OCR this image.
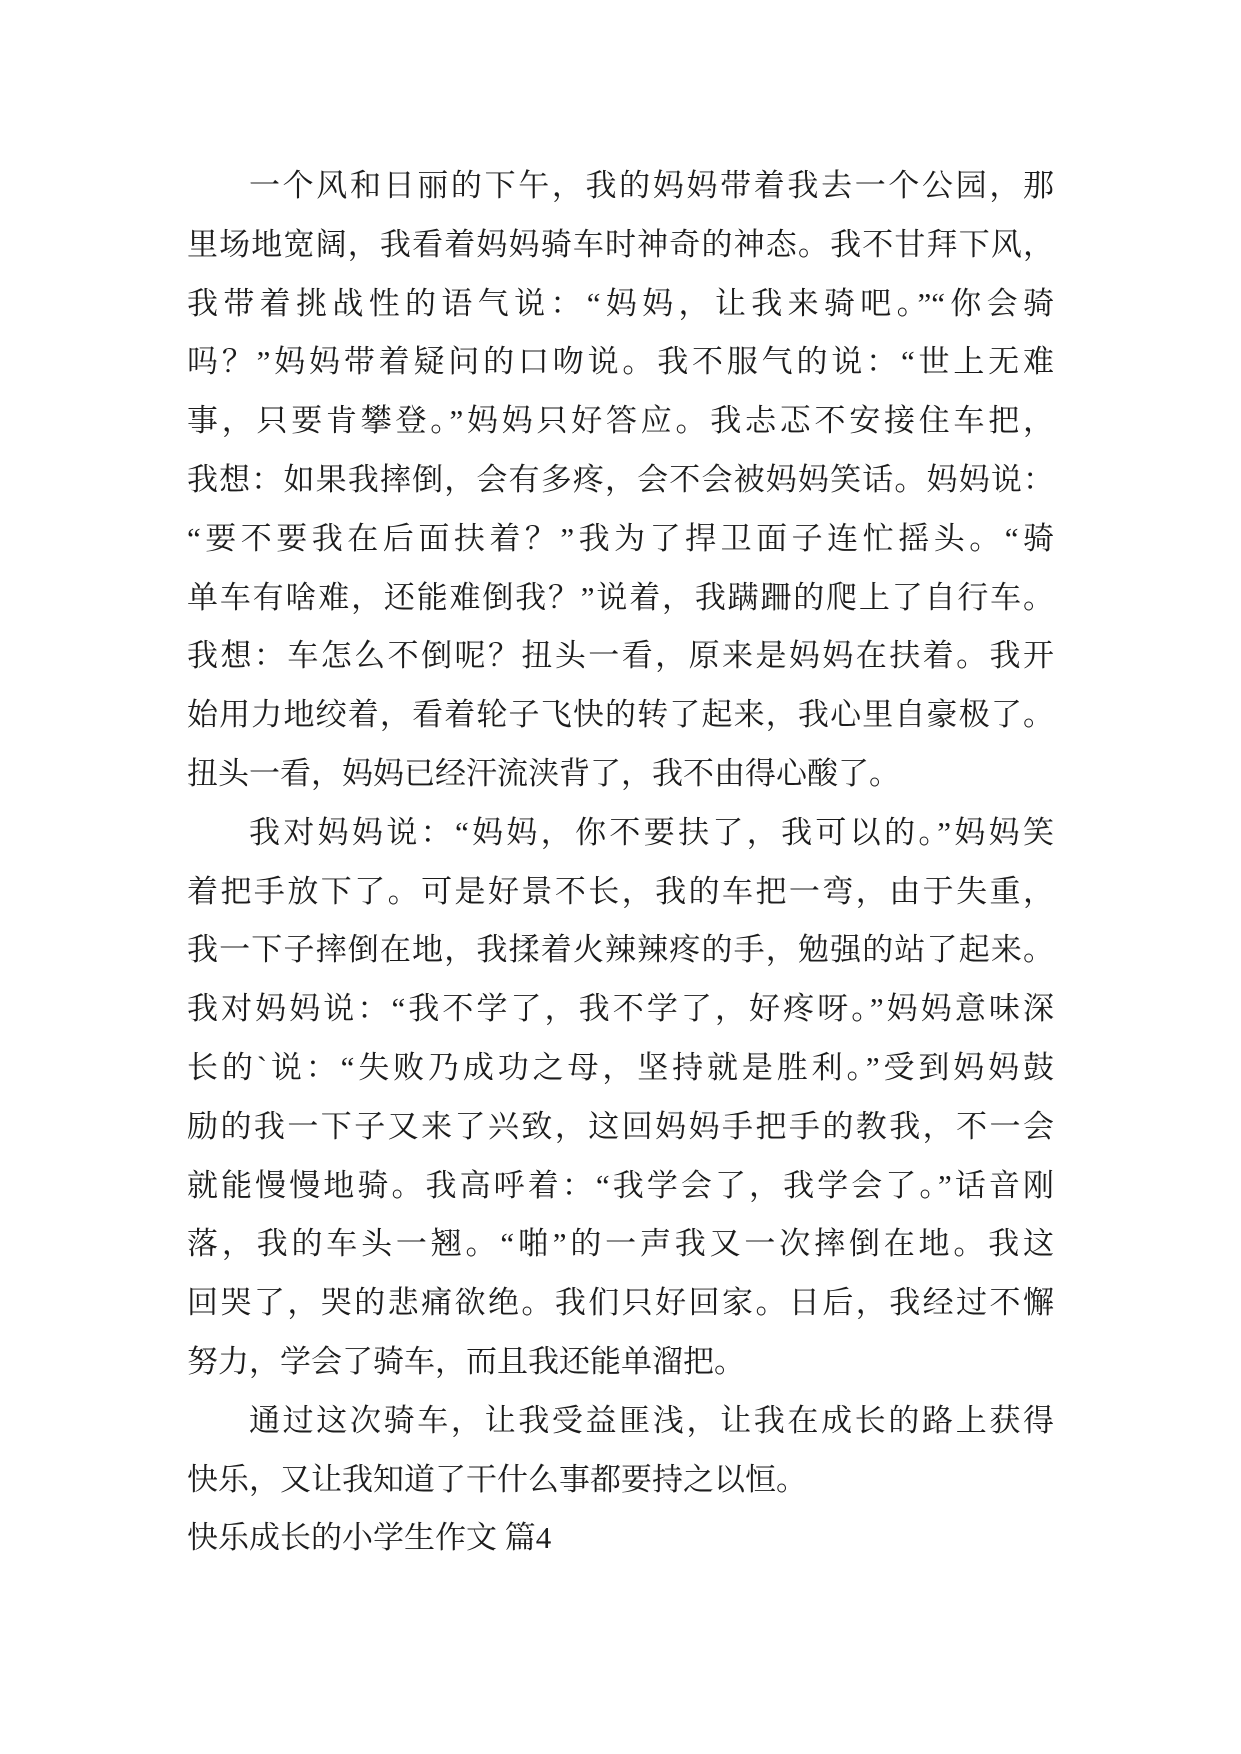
一个风和日丽的下午，我的妈妈带着我去一个公园，那
里场地宽阔，我看着妈妈骑车时神奇的神态。我不甘拜下风，
我带着挑战性的语气说：“妈妈，让我来骑吧。”“你会骑
吗？”妈妈带着疑问的口吻说。我不服气的说：“世上无难
事，只要肯攀登。”妈妈只好答应。我忐忑不安接住车把，
我想：如果我摔倒，会有多疼，会不会被妈妈笑话。妈妈说：
“要不要我在后面扶着？”我为了捍卫面子连忙摇头。“骑
单车有啥难，还能难倒我？”说着，我蹒跚的爬上了自行车。
我想：车怎么不倒呢？扭头一看，原来是妈妈在扶着。我开
始用力地绞着，看着轮子飞快的转了起来，我心里自豪极了。
扭头一看，妈妈已经汗流浃背了，我不由得心酸了。
我对妈妈说：“妈妈，你不要扶了，我可以的。”妈妈笑
着把手放下了。可是好景不长，我的车把一弯，由于失重，
我一下子摔倒在地，我揉着火辣辣疼的手，勉强的站了起来。
我对妈妈说：“我不学了，我不学了，好疼呀。”妈妈意味深
长的`说：“失败乃成功之母，坚持就是胜利。”受到妈妈鼓
励的我一下子又来了兴致，这回妈妈手把手的教我，不一会
就能慢慢地骑。我高呼着：“我学会了，我学会了。”话音刚
落，我的车头一翘。“啪”的一声我又一次摔倒在地。我这
回哭了，哭的悲痛欲绝。我们只好回家。日后，我经过不懈
努力，学会了骑车，而且我还能单溜把。
通过这次骑车，让我受益匪浅，让我在成长的路上获得
快乐，又让我知道了干什么事都要持之以恒。
快乐成长的小学生作文 篇4
